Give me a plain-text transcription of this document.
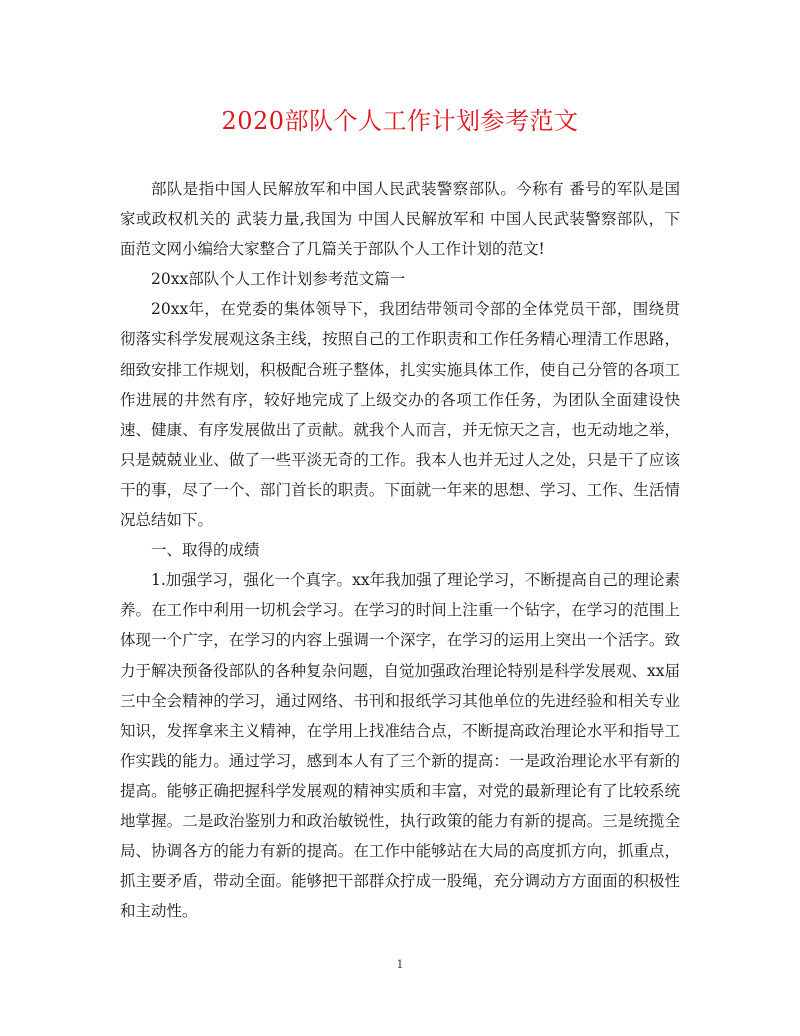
2020部队个人工作计划参考范文

部队是指中国人民解放军和中国人民武装警察部队。今称有 番号的军队是国家或政权机关的 武装力量,我国为 中国人民解放军和 中国人民武装警察部队，下面范文网小编给大家整合了几篇关于部队个人工作计划的范文!

20xx部队个人工作计划参考范文篇一

20xx年，在党委的集体领导下，我团结带领司令部的全体党员干部，围绕贯彻落实科学发展观这条主线，按照自己的工作职责和工作任务精心理清工作思路，细致安排工作规划，积极配合班子整体，扎实实施具体工作，使自己分管的各项工作进展的井然有序，较好地完成了上级交办的各项工作任务，为团队全面建设快速、健康、有序发展做出了贡献。就我个人而言，并无惊天之言，也无动地之举，只是兢兢业业、做了一些平淡无奇的工作。我本人也并无过人之处，只是干了应该干的事，尽了一个、部门首长的职责。下面就一年来的思想、学习、工作、生活情况总结如下。

一、取得的成绩

1.加强学习，强化一个真字。xx年我加强了理论学习，不断提高自己的理论素养。在工作中利用一切机会学习。在学习的时间上注重一个钻字，在学习的范围上体现一个广字，在学习的内容上强调一个深字，在学习的运用上突出一个活字。致力于解决预备役部队的各种复杂问题，自觉加强政治理论特别是科学发展观、xx届三中全会精神的学习，通过网络、书刊和报纸学习其他单位的先进经验和相关专业知识，发挥拿来主义精神，在学用上找准结合点，不断提高政治理论水平和指导工作实践的能力。通过学习，感到本人有了三个新的提高：一是政治理论水平有新的提高。能够正确把握科学发展观的精神实质和丰富，对党的最新理论有了比较系统地掌握。二是政治鉴别力和政治敏锐性，执行政策的能力有新的提高。三是统揽全局、协调各方的能力有新的提高。在工作中能够站在大局的高度抓方向，抓重点，抓主要矛盾，带动全面。能够把干部群众拧成一股绳，充分调动方方面面的积极性和主动性。

1
